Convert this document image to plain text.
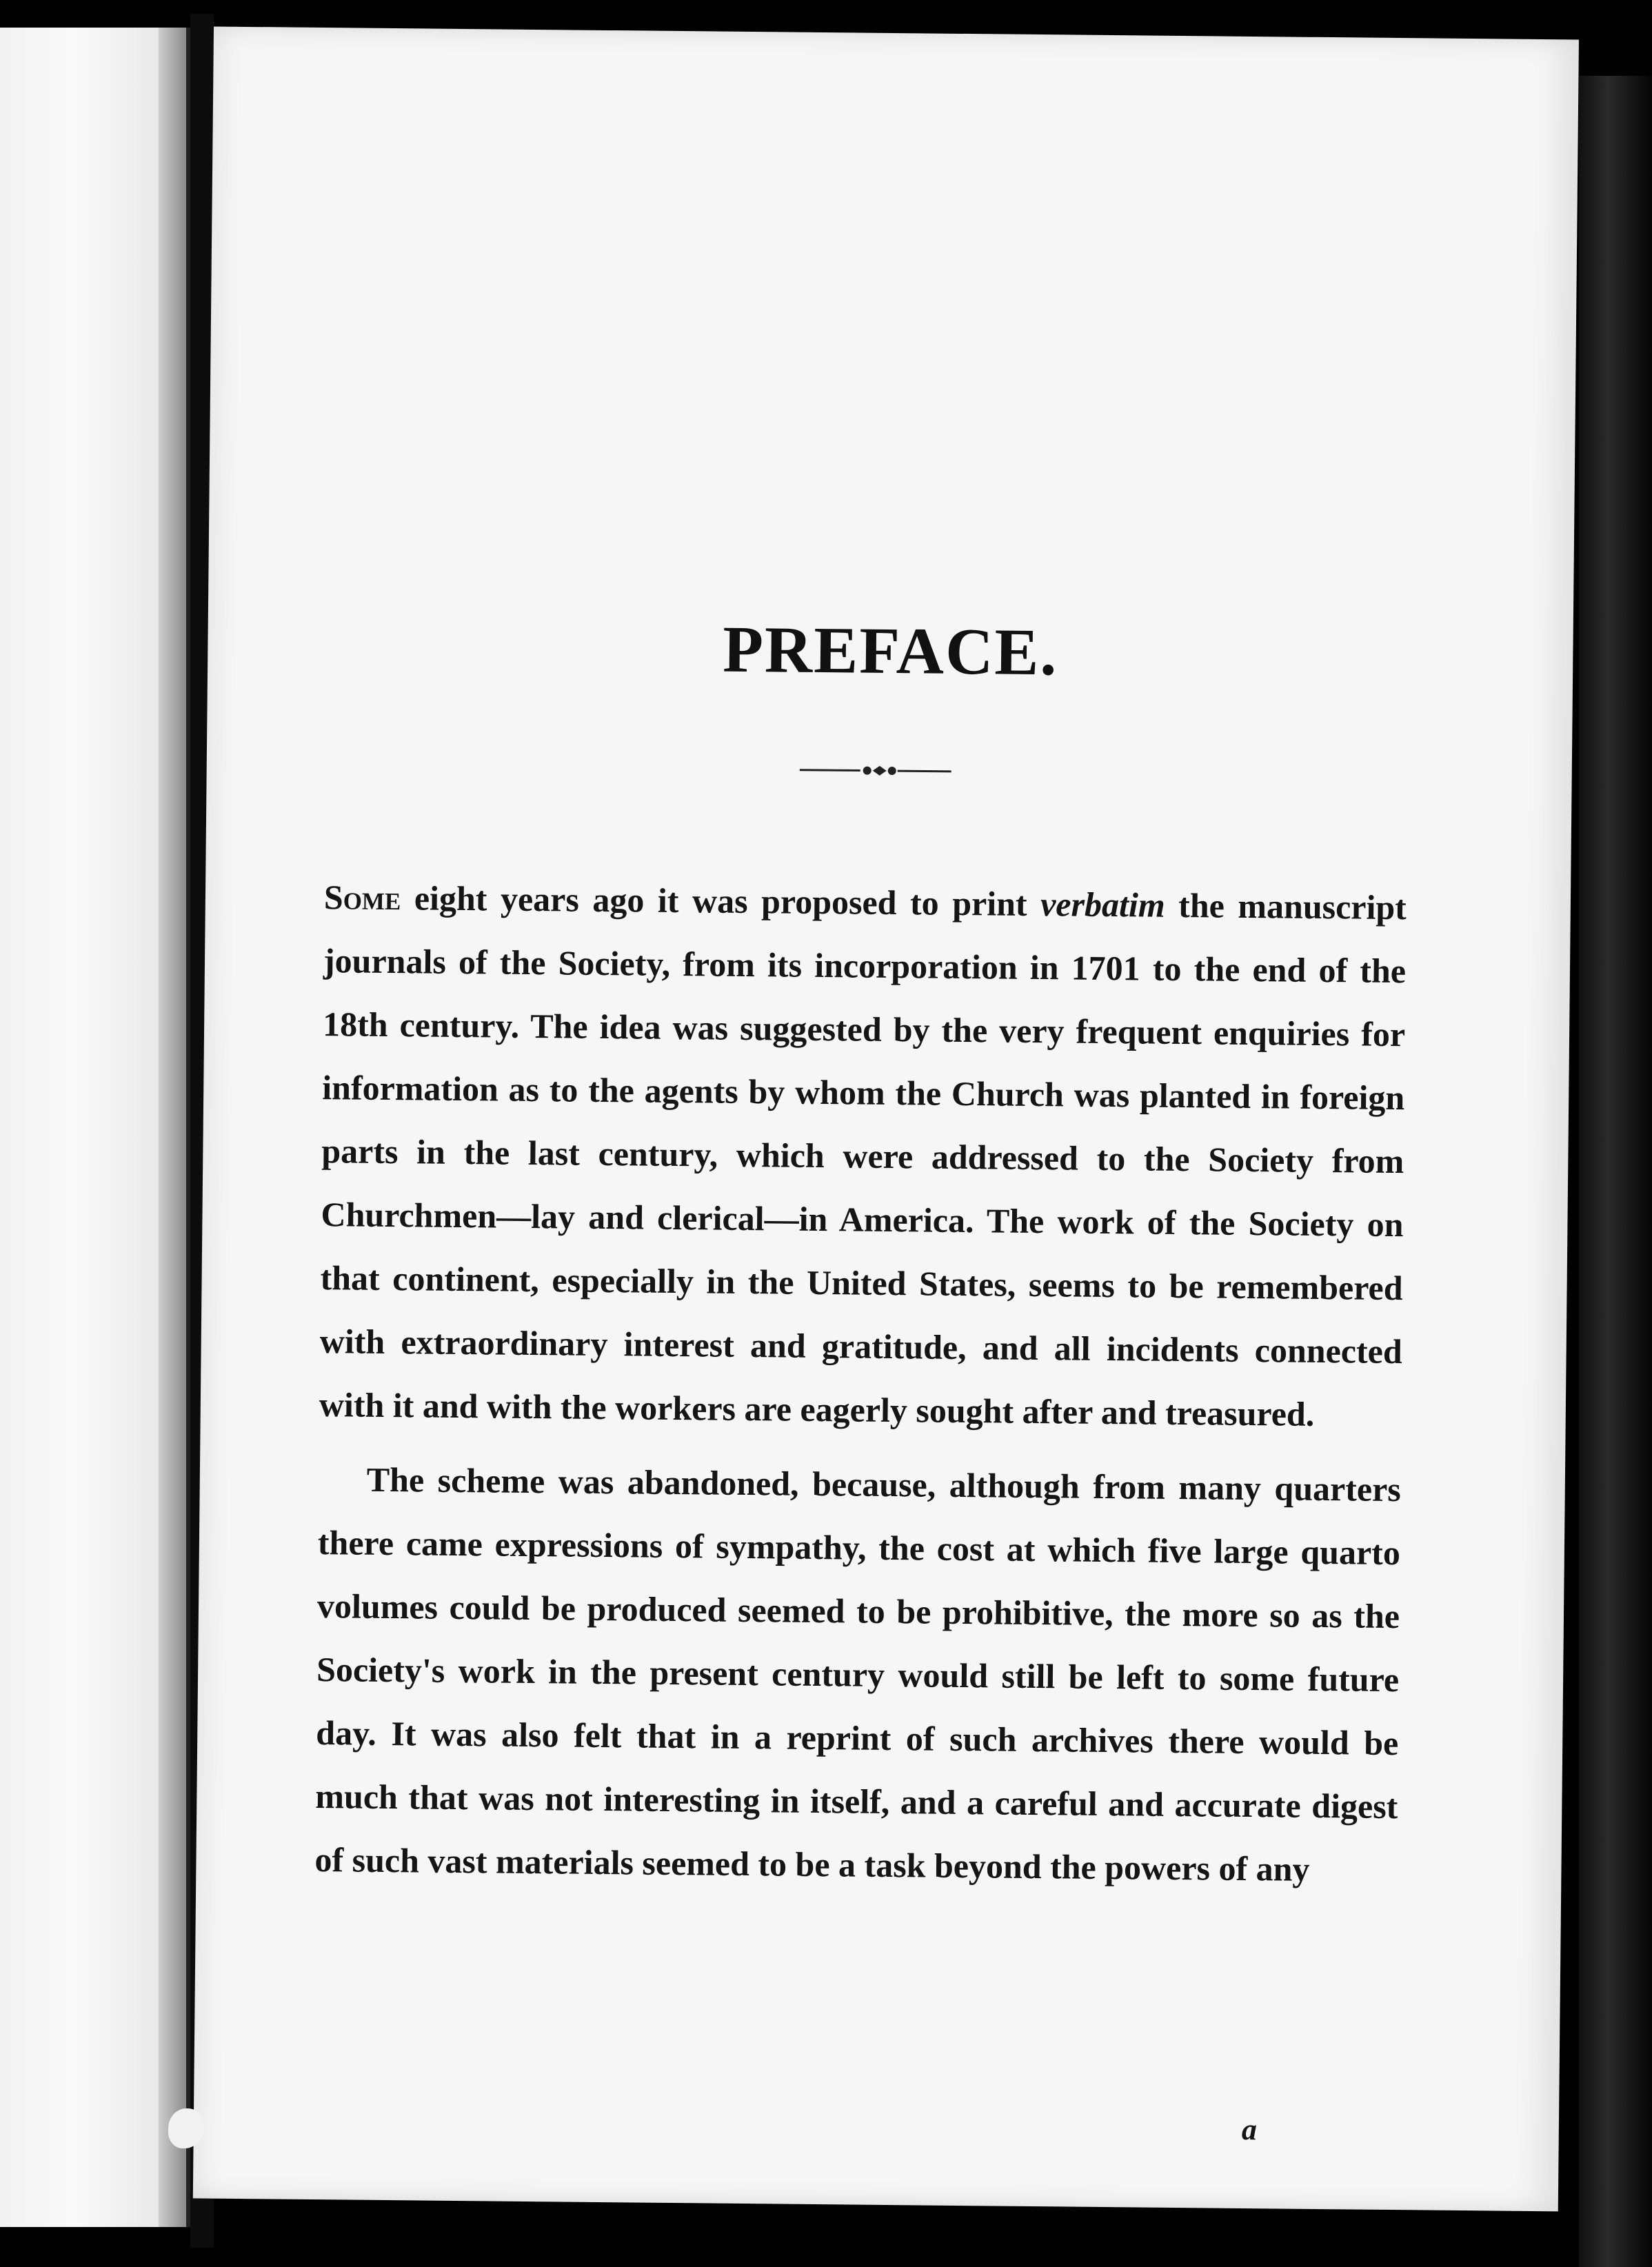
PREFACE.

Some eight years ago it was proposed to print verbatim the manuscript journals of the Society, from its incorporation in 1701 to the end of the 18th century. The idea was suggested by the very frequent enquiries for information as to the agents by whom the Church was planted in foreign parts in the last century, which were addressed to the Society from Churchmen—lay and clerical—in America. The work of the Society on that continent, especially in the United States, seems to be remembered with extraordinary interest and gratitude, and all incidents connected with it and with the workers are eagerly sought after and treasured.

The scheme was abandoned, because, although from many quarters there came expressions of sympathy, the cost at which five large quarto volumes could be produced seemed to be prohibitive, the more so as the Society's work in the present century would still be left to some future day. It was also felt that in a reprint of such archives there would be much that was not interesting in itself, and a careful and accurate digest of such vast materials seemed to be a task beyond the powers of any

a
